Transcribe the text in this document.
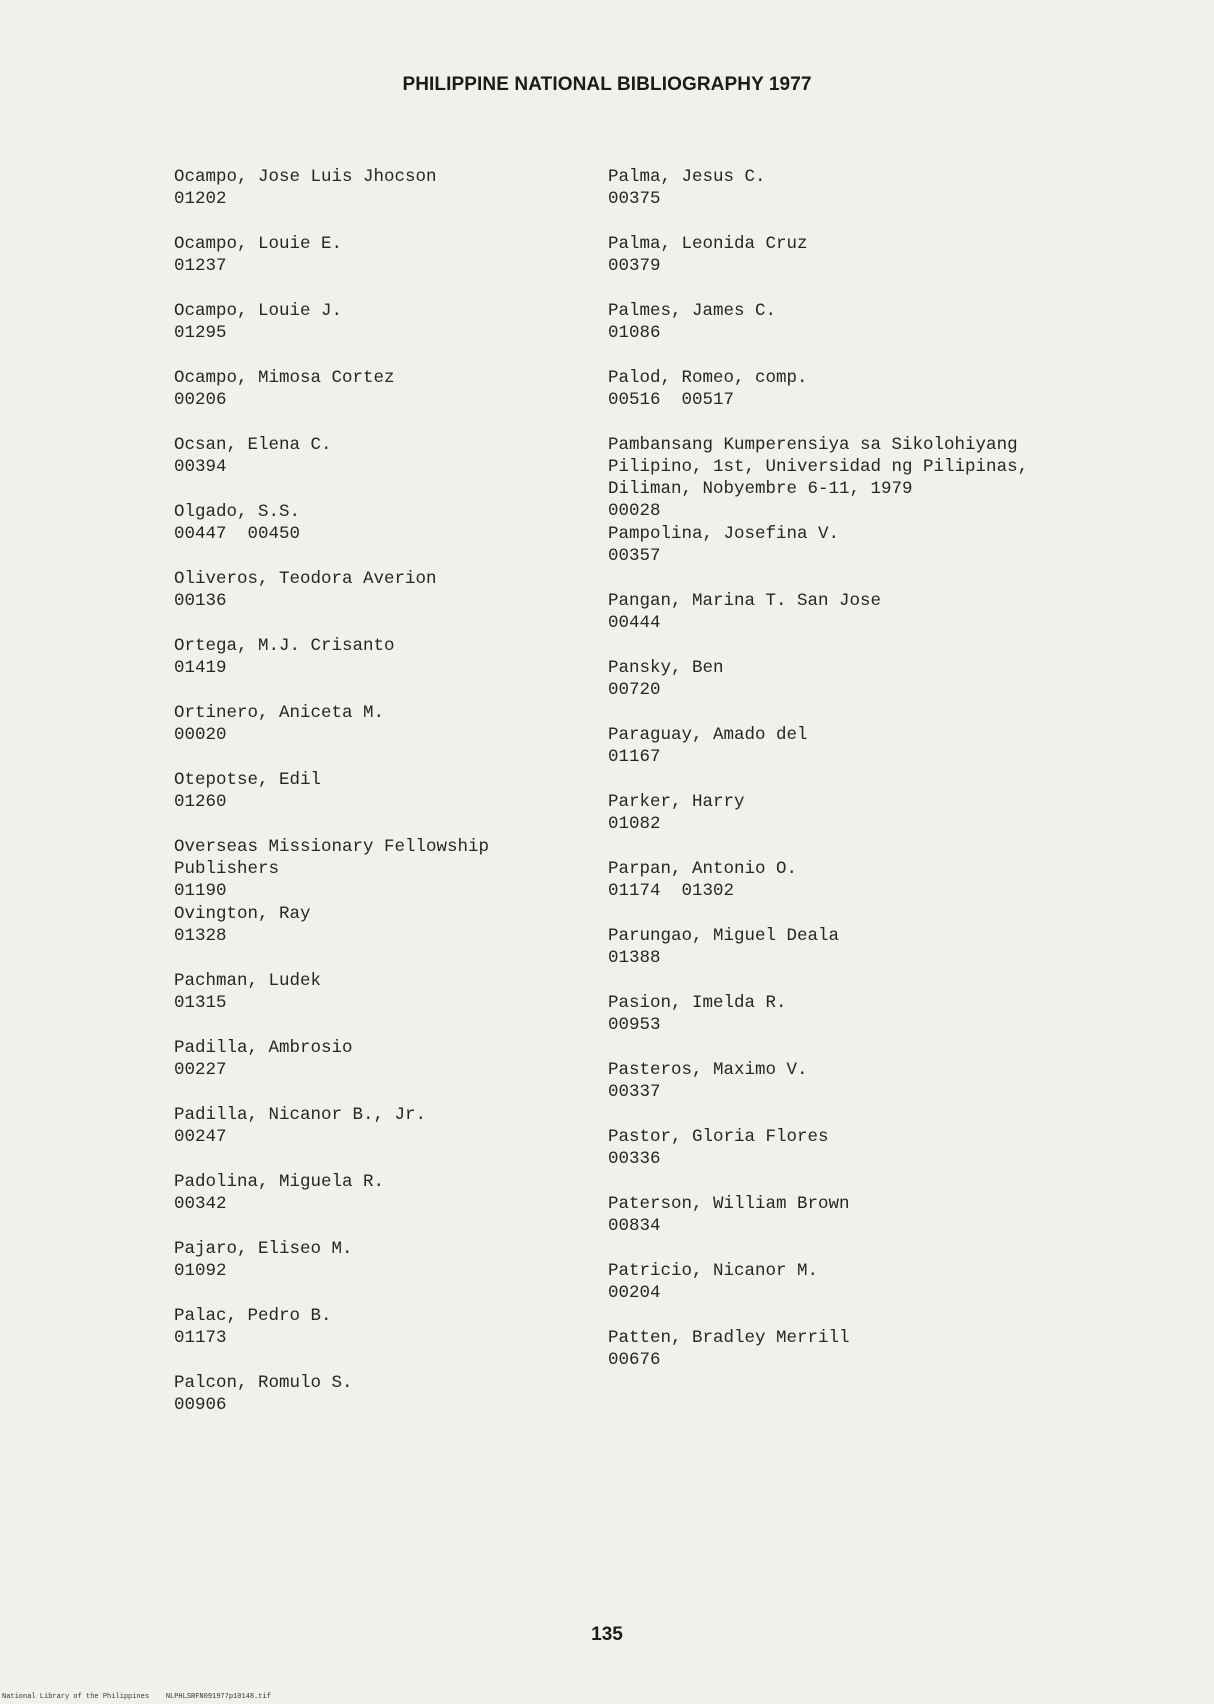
PHILIPPINE NATIONAL BIBLIOGRAPHY 1977
Ocampo, Jose Luis Jhocson
01202
Ocampo, Louie E.
01237
Ocampo, Louie J.
01295
Ocampo, Mimosa Cortez
00206
Ocsan, Elena C.
00394
Olgado, S.S.
00447  00450
Oliveros, Teodora Averion
00136
Ortega, M.J. Crisanto
01419
Ortinero, Aniceta M.
00020
Otepotse, Edil
01260
Overseas Missionary Fellowship
Publishers
01190
Ovington, Ray
01328
Pachman, Ludek
01315
Padilla, Ambrosio
00227
Padilla, Nicanor B., Jr.
00247
Padolina, Miguela R.
00342
Pajaro, Eliseo M.
01092
Palac, Pedro B.
01173
Palcon, Romulo S.
00906
Palma, Jesus C.
00375
Palma, Leonida Cruz
00379
Palmes, James C.
01086
Palod, Romeo, comp.
00516  00517
Pambansang Kumperensiya sa Sikolohiyang
Pilipino, 1st, Universidad ng Pilipinas,
Diliman, Nobyembre 6-11, 1979
00028
Pampolina, Josefina V.
00357
Pangan, Marina T. San Jose
00444
Pansky, Ben
00720
Paraguay, Amado del
01167
Parker, Harry
01082
Parpan, Antonio O.
01174  01302
Parungao, Miguel Deala
01388
Pasion, Imelda R.
00953
Pasteros, Maximo V.
00337
Pastor, Gloria Flores
00336
Paterson, William Brown
00834
Patricio, Nicanor M.
00204
Patten, Bradley Merrill
00676
135
National Library of the Philippines    NLPHLSRFN091977p10148.tif
